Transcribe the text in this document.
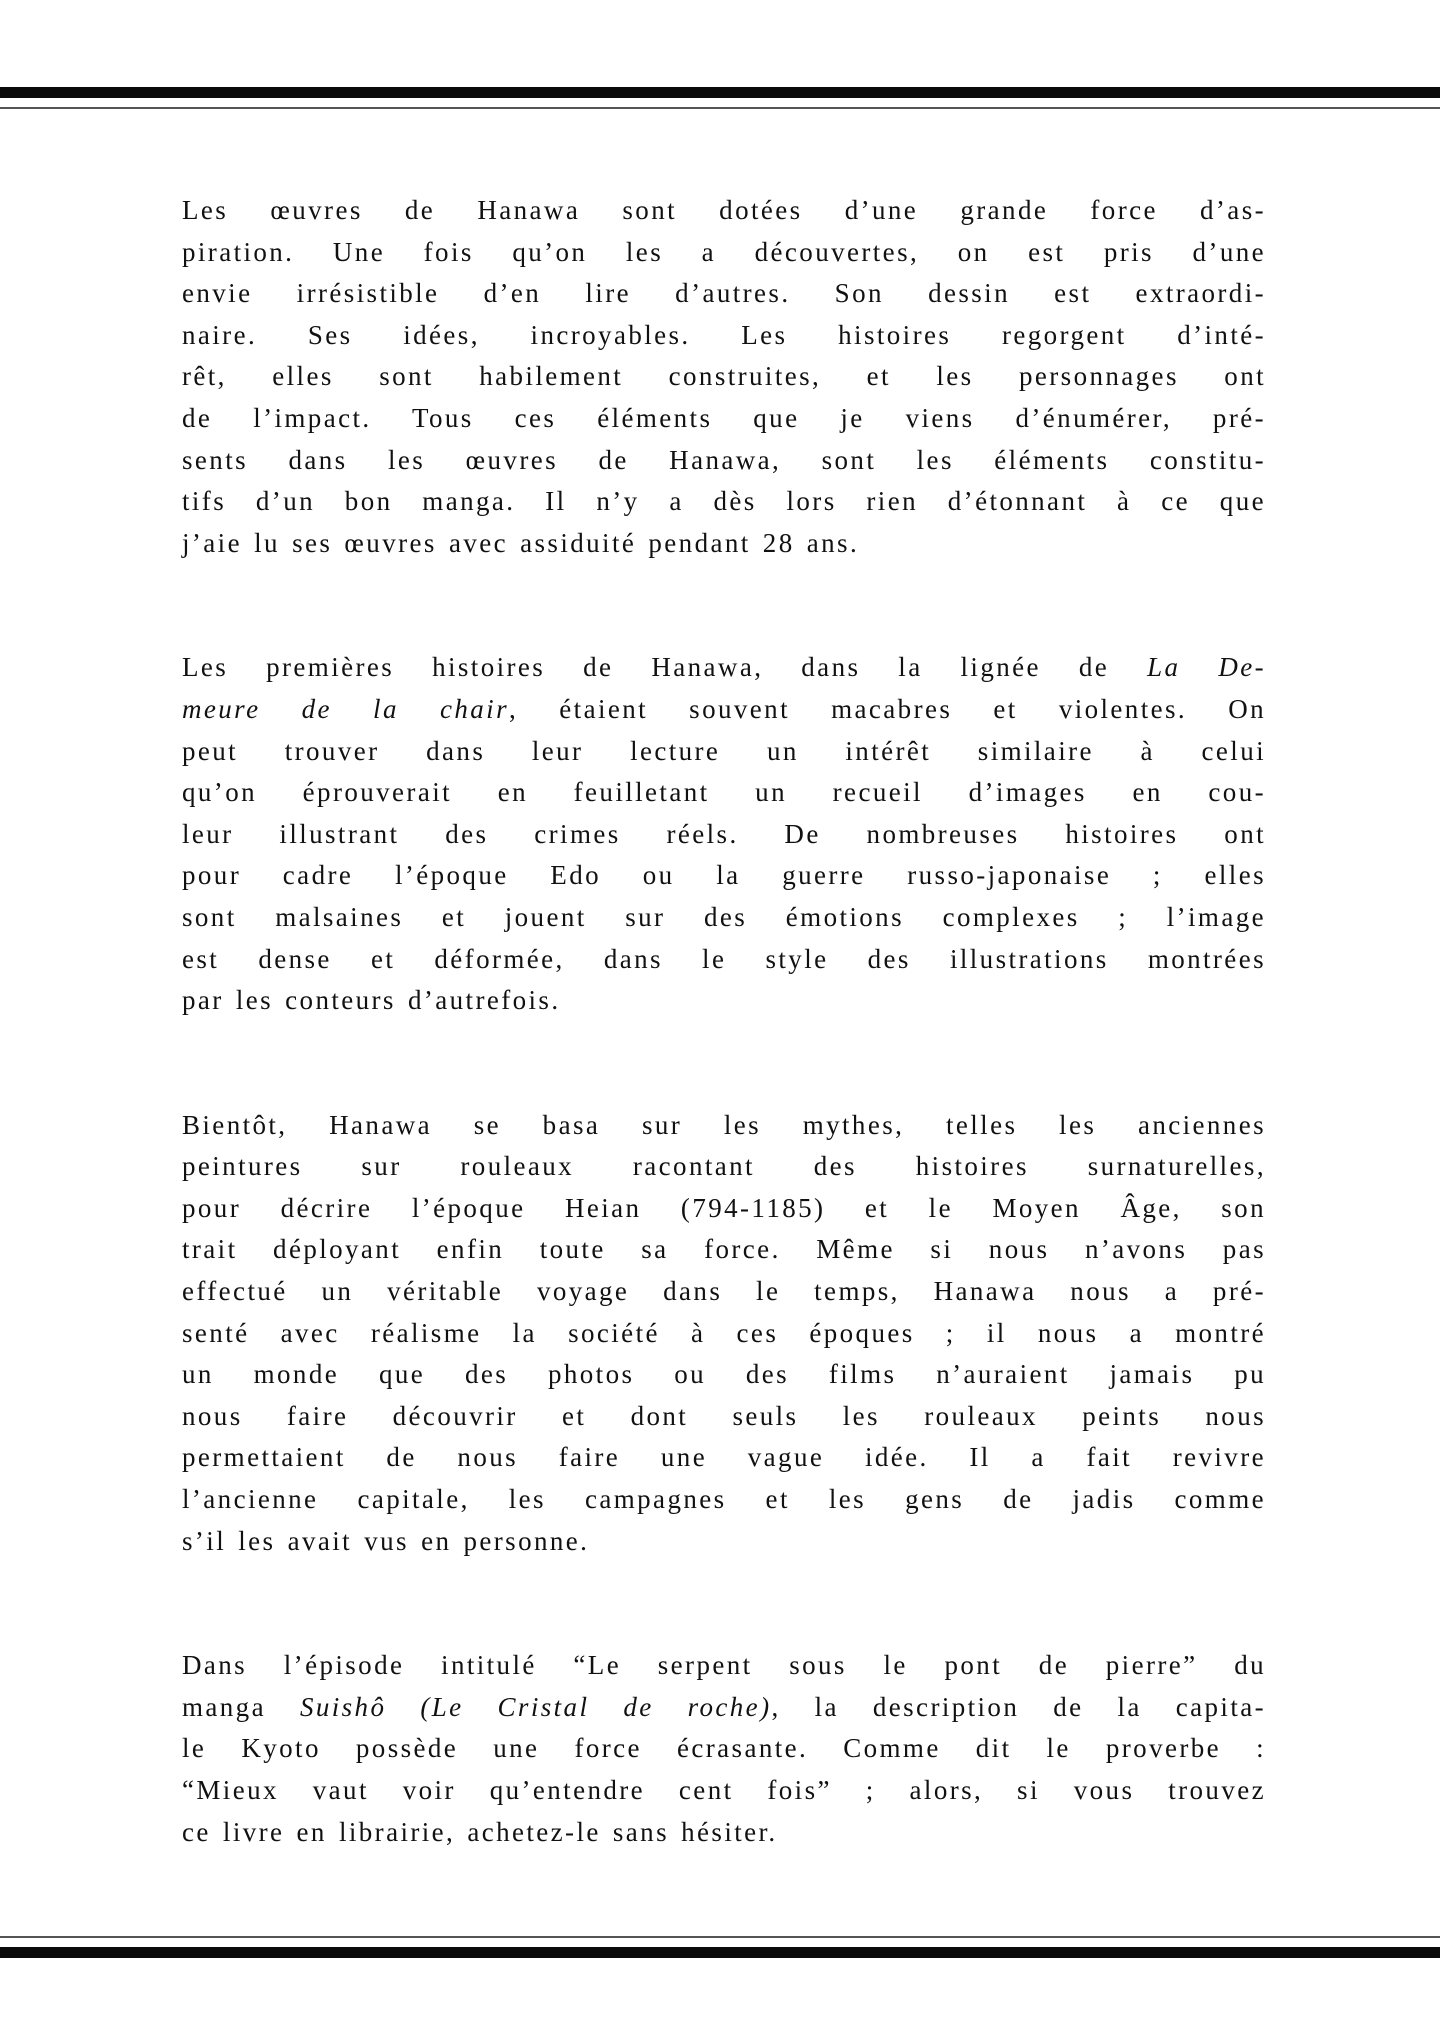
Les œuvres de Hanawa sont dotées d’une grande force d’as-
piration. Une fois qu’on les a découvertes, on est pris d’une
envie irrésistible d’en lire d’autres. Son dessin est extraordi-
naire. Ses idées, incroyables. Les histoires regorgent d’inté-
rêt, elles sont habilement construites, et les personnages ont
de l’impact. Tous ces éléments que je viens d’énumérer, pré-
sents dans les œuvres de Hanawa, sont les éléments constitu-
tifs d’un bon manga. Il n’y a dès lors rien d’étonnant à ce que
j’aie lu ses œuvres avec assiduité pendant 28 ans.

Les premières histoires de Hanawa, dans la lignée de La De-
meure de la chair, étaient souvent macabres et violentes. On
peut trouver dans leur lecture un intérêt similaire à celui
qu’on éprouverait en feuilletant un recueil d’images en cou-
leur illustrant des crimes réels. De nombreuses histoires ont
pour cadre l’époque Edo ou la guerre russo-japonaise ; elles
sont malsaines et jouent sur des émotions complexes ; l’image
est dense et déformée, dans le style des illustrations montrées
par les conteurs d’autrefois.

Bientôt, Hanawa se basa sur les mythes, telles les anciennes
peintures sur rouleaux racontant des histoires surnaturelles,
pour décrire l’époque Heian (794-1185) et le Moyen Âge, son
trait déployant enfin toute sa force. Même si nous n’avons pas
effectué un véritable voyage dans le temps, Hanawa nous a pré-
senté avec réalisme la société à ces époques ; il nous a montré
un monde que des photos ou des films n’auraient jamais pu
nous faire découvrir et dont seuls les rouleaux peints nous
permettaient de nous faire une vague idée. Il a fait revivre
l’ancienne capitale, les campagnes et les gens de jadis comme
s’il les avait vus en personne.

Dans l’épisode intitulé “Le serpent sous le pont de pierre” du
manga Suishô (Le Cristal de roche), la description de la capita-
le Kyoto possède une force écrasante. Comme dit le proverbe :
“Mieux vaut voir qu’entendre cent fois” ; alors, si vous trouvez
ce livre en librairie, achetez-le sans hésiter.
